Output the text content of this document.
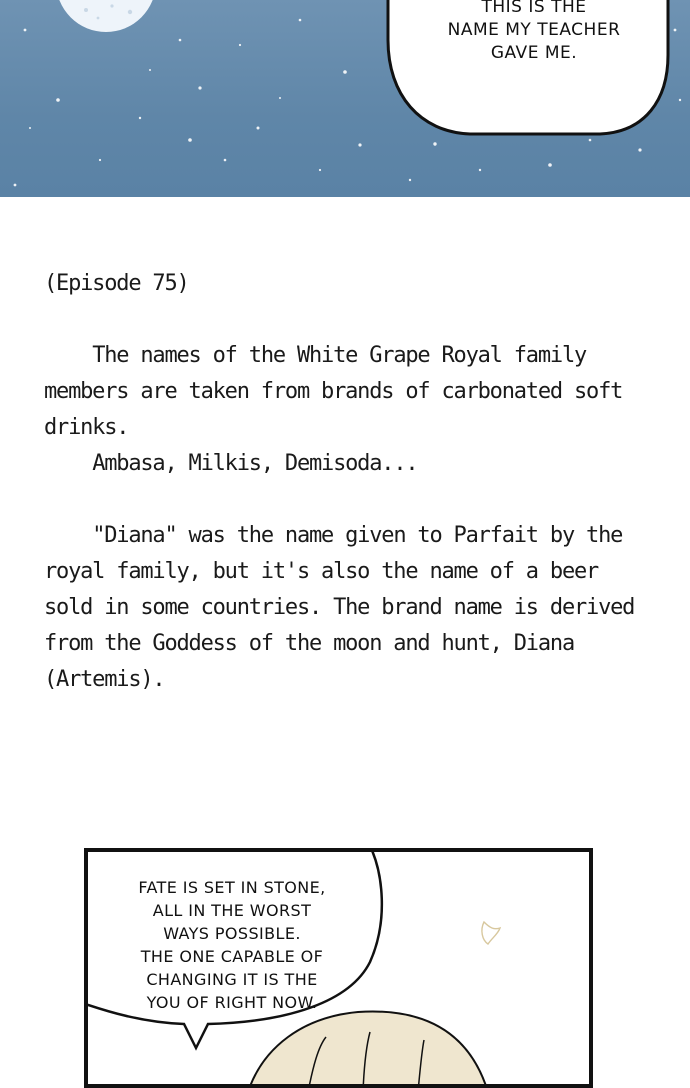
THIS IS THE
NAME MY TEACHER
GAVE ME.

(Episode 75)

The names of the White Grape Royal family members are taken from brands of carbonated soft drinks.

Ambasa, Milkis, Demisoda...

"Diana" was the name given to Parfait by the royal family, but it's also the name of a beer sold in some countries. The brand name is derived from the Goddess of the moon and hunt, Diana (Artemis).

FATE IS SET IN STONE,
ALL IN THE WORST
WAYS POSSIBLE.
THE ONE CAPABLE OF
CHANGING IT IS THE
YOU OF RIGHT NOW.
